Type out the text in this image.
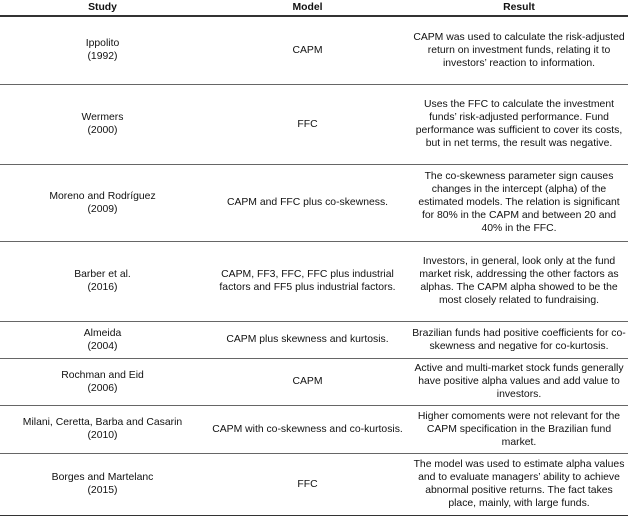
Study	Model	Result

Ippolito
(1992)	CAPM	CAPM was used to calculate the risk-adjusted return on investment funds, relating it to investors’ reaction to information.

Wermers
(2000)	FFC	Uses the FFC to calculate the investment funds’ risk-adjusted performance. Fund performance was sufficient to cover its costs, but in net terms, the result was negative.

Moreno and Rodríguez
(2009)	CAPM and FFC plus co-skewness.	The co-skewness parameter sign causes changes in the intercept (alpha) of the estimated models. The relation is significant for 80% in the CAPM and between 20 and 40% in the FFC.

Barber et al.
(2016)	CAPM, FF3, FFC, FFC plus industrial factors and FF5 plus industrial factors.	Investors, in general, look only at the fund market risk, addressing the other factors as alphas. The CAPM alpha showed to be the most closely related to fundraising.

Almeida
(2004)	CAPM plus skewness and kurtosis.	Brazilian funds had positive coefficients for co-skewness and negative for co-kurtosis.

Rochman and Eid
(2006)	CAPM	Active and multi-market stock funds generally have positive alpha values and add value to investors.

Milani, Ceretta, Barba and Casarin
(2010)	CAPM with co-skewness and co-kurtosis.	Higher comoments were not relevant for the CAPM specification in the Brazilian fund market.

Borges and Martelanc
(2015)	FFC	The model was used to estimate alpha values and to evaluate managers’ ability to achieve abnormal positive returns. The fact takes place, mainly, with large funds.
